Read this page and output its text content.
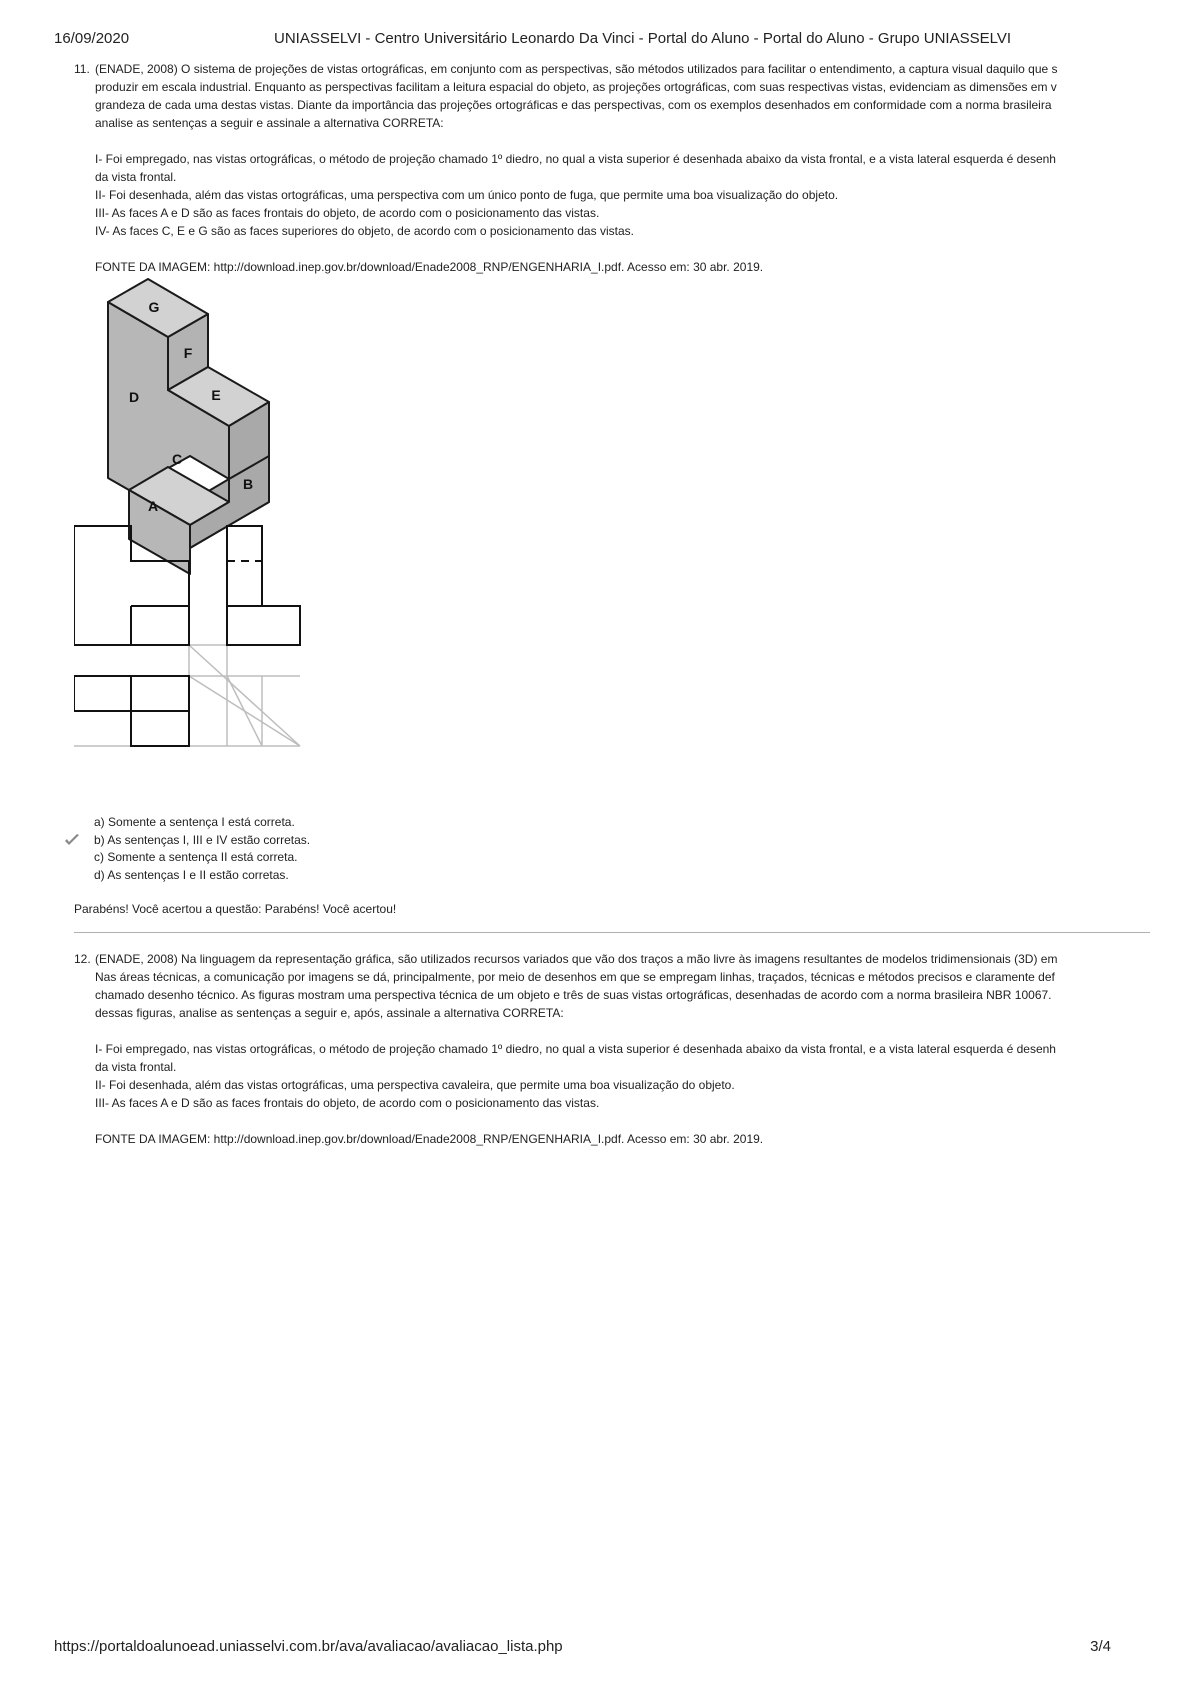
16/09/2020	UNIASSELVI - Centro Universitário Leonardo Da Vinci - Portal do Aluno - Portal do Aluno - Grupo UNIASSELVI
11. (ENADE, 2008) O sistema de projeções de vistas ortográficas, em conjunto com as perspectivas, são métodos utilizados para facilitar o entendimento, a captura visual daquilo que s

produzir em escala industrial. Enquanto as perspectivas facilitam a leitura espacial do objeto, as projeções ortográficas, com suas respectivas vistas, evidenciam as dimensões em v

grandeza de cada uma destas vistas. Diante da importância das projeções ortográficas e das perspectivas, com os exemplos desenhados em conformidade com a norma brasileira

analise as sentenças a seguir e assinale a alternativa CORRETA:

I- Foi empregado, nas vistas ortográficas, o método de projeção chamado 1º diedro, no qual a vista superior é desenhada abaixo da vista frontal, e a vista lateral esquerda é desenh

da vista frontal.

II- Foi desenhada, além das vistas ortográficas, uma perspectiva com um único ponto de fuga, que permite uma boa visualização do objeto.

III- As faces A e D são as faces frontais do objeto, de acordo com o posicionamento das vistas.

IV- As faces C, E e G são as faces superiores do objeto, de acordo com o posicionamento das vistas.

FONTE DA IMAGEM: http://download.inep.gov.br/download/Enade2008_RNP/ENGENHARIA_I.pdf. Acesso em: 30 abr. 2019.

G
F
D	E
C
A
B
a) Somente a sentença I está correta.
b) As sentenças I, III e IV estão corretas.
c) Somente a sentença II está correta.
d) As sentenças I e II estão corretas.
Parabéns! Você acertou a questão: Parabéns! Você acertou!
12. (ENADE, 2008) Na linguagem da representação gráfica, são utilizados recursos variados que vão dos traços a mão livre às imagens resultantes de modelos tridimensionais (3D) em

Nas áreas técnicas, a comunicação por imagens se dá, principalmente, por meio de desenhos em que se empregam linhas, traçados, técnicas e métodos precisos e claramente def

chamado desenho técnico. As figuras mostram uma perspectiva técnica de um objeto e três de suas vistas ortográficas, desenhadas de acordo com a norma brasileira NBR 10067.

dessas figuras, analise as sentenças a seguir e, após, assinale a alternativa CORRETA:

I- Foi empregado, nas vistas ortográficas, o método de projeção chamado 1º diedro, no qual a vista superior é desenhada abaixo da vista frontal, e a vista lateral esquerda é desenh

da vista frontal.

II- Foi desenhada, além das vistas ortográficas, uma perspectiva cavaleira, que permite uma boa visualização do objeto.

III- As faces A e D são as faces frontais do objeto, de acordo com o posicionamento das vistas.

FONTE DA IMAGEM: http://download.inep.gov.br/download/Enade2008_RNP/ENGENHARIA_I.pdf. Acesso em: 30 abr. 2019.

https://portaldoalunoead.uniasselvi.com.br/ava/avaliacao/avaliacao_lista.php	3/4
